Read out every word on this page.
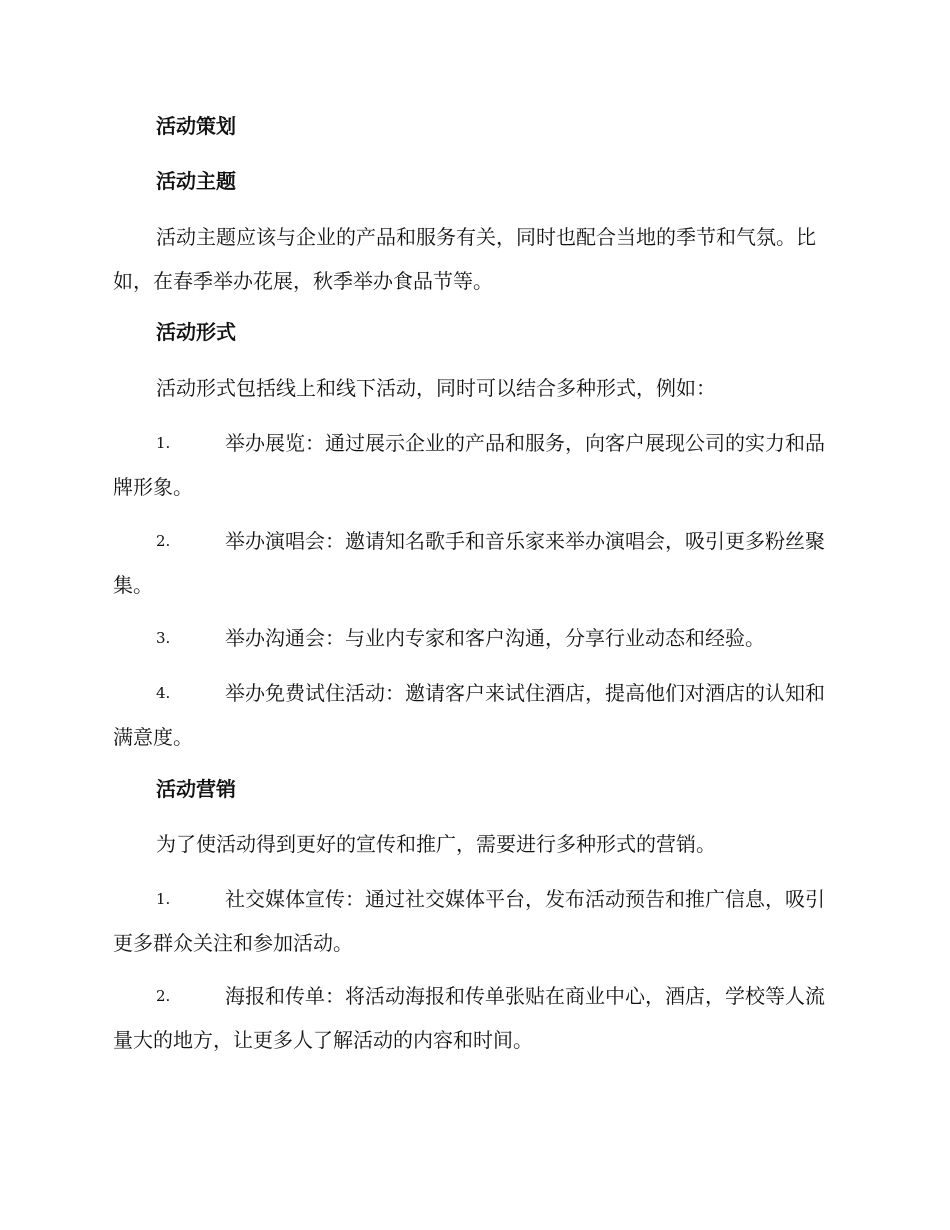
活动策划

活动主题

活动主题应该与企业的产品和服务有关，同时也配合当地的季节和气氛。比如，在春季举办花展，秋季举办食品节等。

活动形式

活动形式包括线上和线下活动，同时可以结合多种形式，例如：

1.	举办展览：通过展示企业的产品和服务，向客户展现公司的实力和品牌形象。

2.	举办演唱会：邀请知名歌手和音乐家来举办演唱会，吸引更多粉丝聚集。

3.	举办沟通会：与业内专家和客户沟通，分享行业动态和经验。

4.	举办免费试住活动：邀请客户来试住酒店，提高他们对酒店的认知和满意度。

活动营销

为了使活动得到更好的宣传和推广，需要进行多种形式的营销。

1.	社交媒体宣传：通过社交媒体平台，发布活动预告和推广信息，吸引更多群众关注和参加活动。

2.	海报和传单：将活动海报和传单张贴在商业中心，酒店，学校等人流量大的地方，让更多人了解活动的内容和时间。
